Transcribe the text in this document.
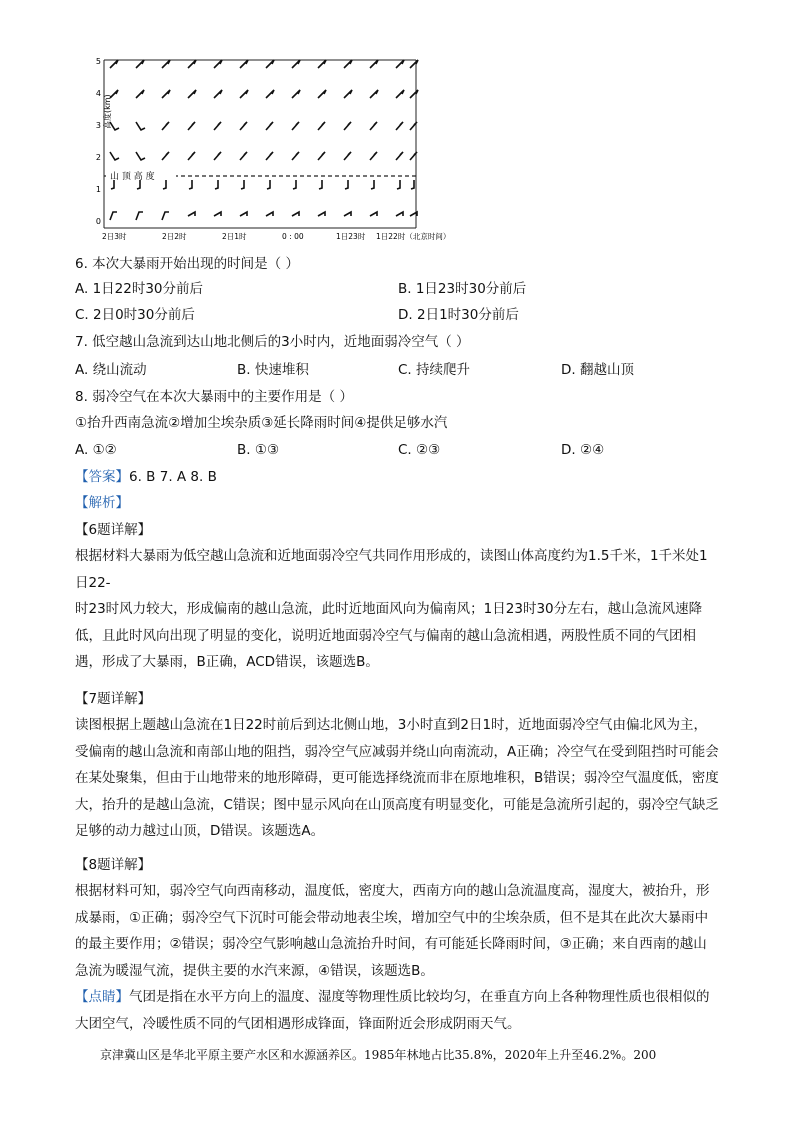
山 顶 高 度
高度(km)
5
4
3
2
1
0
2日3时	2日2时	2日1时	0 : 00	1日23时 1日22时（北京时间）
6. 本次大暴雨开始出现的时间是（ ）
A. 1日22时30分前后	B. 1日23时30分前后
C. 2日0时30分前后	D. 2日1时30分前后
7. 低空越山急流到达山地北侧后的3小时内，近地面弱冷空气（ ）
A. 绕山流动	B. 快速堆积	C. 持续爬升	D. 翻越山顶
8. 弱冷空气在本次大暴雨中的主要作用是（ ）
①抬升西南急流②增加尘埃杂质③延长降雨时间④提供足够水汽
A. ①②	B. ①③	C. ②③	D. ②④
【答案】6. B 7. A 8. B
【解析】
【6题详解】
根据材料大暴雨为低空越山急流和近地面弱冷空气共同作用形成的，读图山体高度约为1.5千米，1千米处1日22-
时23时风力较大，形成偏南的越山急流，此时近地面风向为偏南风；1日23时30分左右，越山急流风速降低，且此时风向出现了明显的变化，说明近地面弱冷空气与偏南的越山急流相遇，两股性质不同的气团相遇，形成了大暴雨，B正确，ACD错误，该题选B。
【7题详解】
读图根据上题越山急流在1日22时前后到达北侧山地，3小时直到2日1时，近地面弱冷空气由偏北风为主，受偏南的越山急流和南部山地的阻挡，弱冷空气应减弱并绕山向南流动，A正确；冷空气在受到阻挡时可能会在某处聚集，但由于山地带来的地形障碍，更可能选择绕流而非在原地堆积，B错误；弱冷空气温度低，密度大，抬升的是越山急流，C错误；图中显示风向在山顶高度有明显变化，可能是急流所引起的，弱冷空气缺乏足够的动力越过山顶，D错误。该题选A。
【8题详解】
根据材料可知，弱冷空气向西南移动，温度低，密度大，西南方向的越山急流温度高，湿度大，被抬升，形成暴雨，①正确；弱冷空气下沉时可能会带动地表尘埃，增加空气中的尘埃杂质，但不是其在此次大暴雨中的最主要作用；②错误；弱冷空气影响越山急流抬升时间，有可能延长降雨时间，③正确；来自西南的越山急流为暖湿气流，提供主要的水汽来源，④错误，该题选B。
【点睛】气团是指在水平方向上的温度、湿度等物理性质比较均匀，在垂直方向上各种物理性质也很相似的大团空气，冷暖性质不同的气团相遇形成锋面，锋面附近会形成阴雨天气。
京津冀山区是华北平原主要产水区和水源涵养区。1985年林地占比35.8%，2020年上升至46.2%。200
